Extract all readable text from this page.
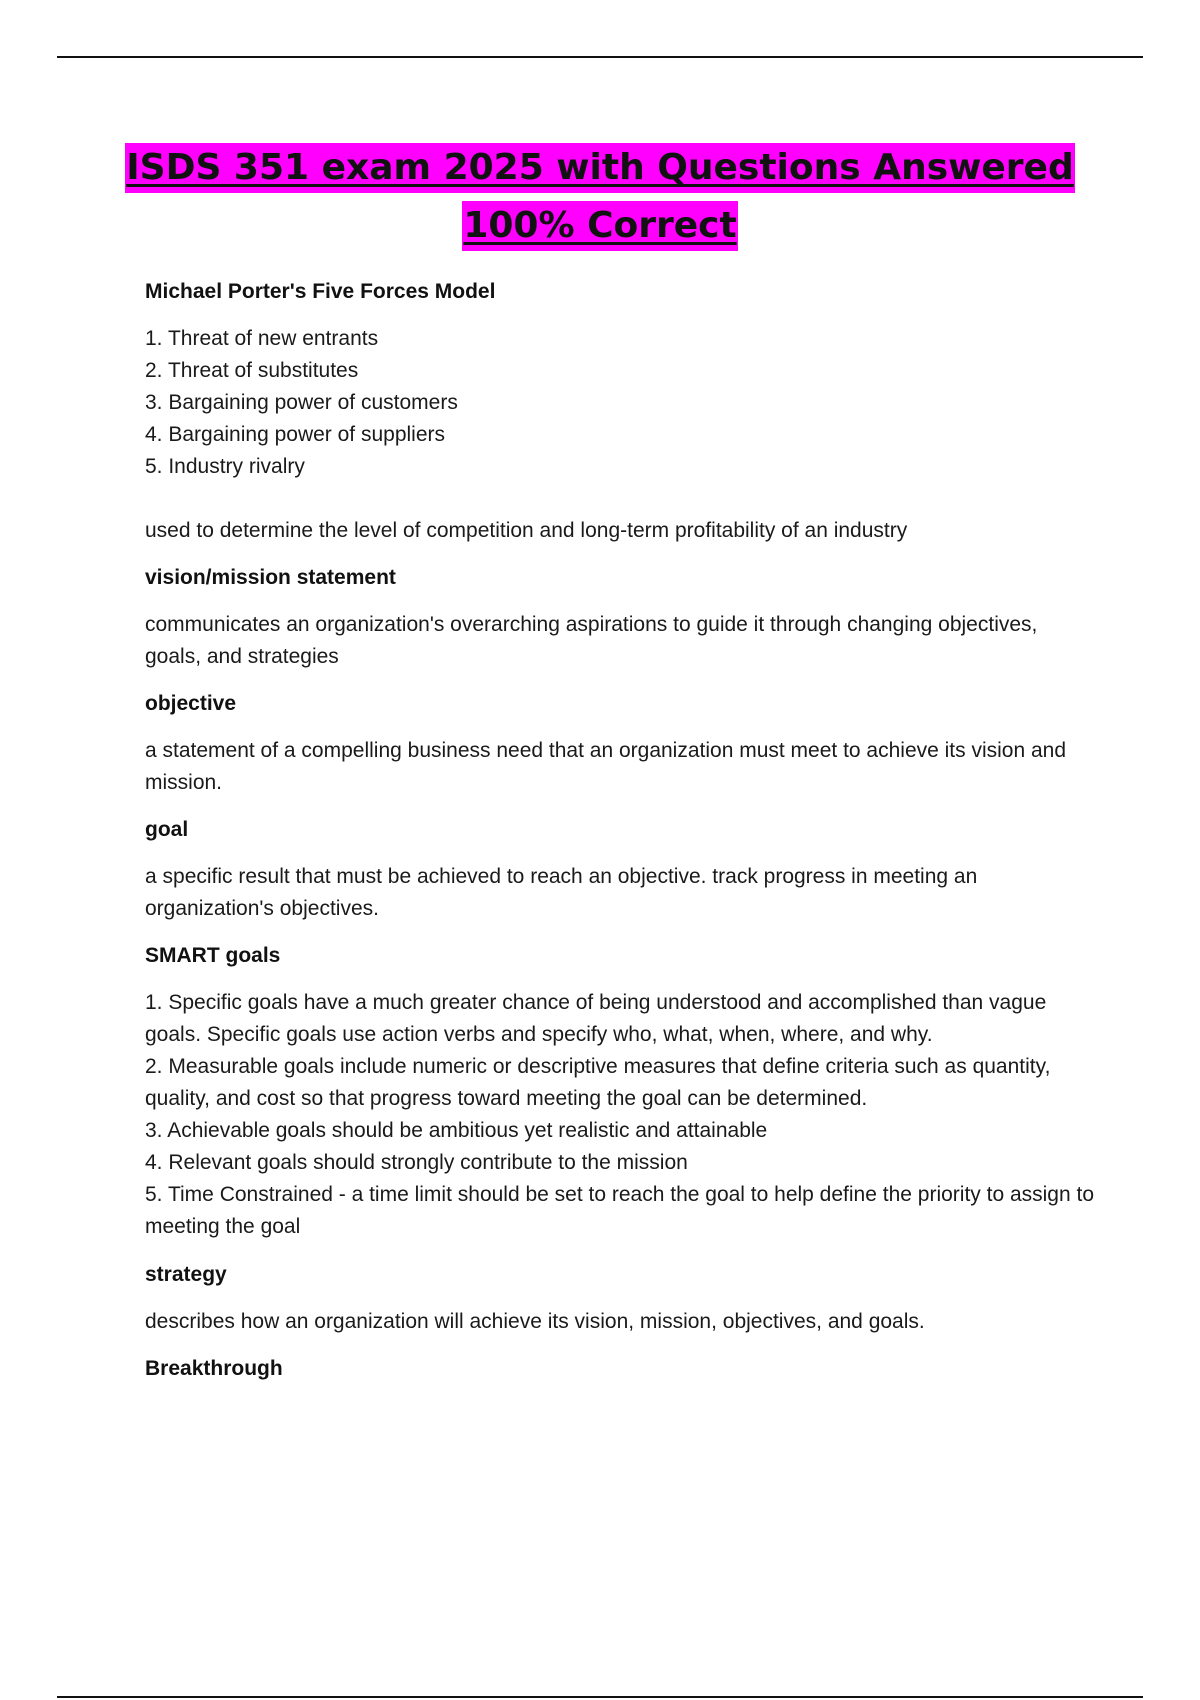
ISDS 351 exam 2025 with Questions Answered
100% Correct
Michael Porter's Five Forces Model
1. Threat of new entrants
2. Threat of substitutes
3. Bargaining power of customers
4. Bargaining power of suppliers
5. Industry rivalry
used to determine the level of competition and long-term profitability of an industry
vision/mission statement
communicates an organization's overarching aspirations to guide it through changing objectives, goals, and strategies
objective
a statement of a compelling business need that an organization must meet to achieve its vision and mission.
goal
a specific result that must be achieved to reach an objective. track progress in meeting an organization's objectives.
SMART goals
1. Specific goals have a much greater chance of being understood and accomplished than vague goals. Specific goals use action verbs and specify who, what, when, where, and why.
2. Measurable goals include numeric or descriptive measures that define criteria such as quantity, quality, and cost so that progress toward meeting the goal can be determined.
3. Achievable goals should be ambitious yet realistic and attainable
4. Relevant goals should strongly contribute to the mission
5. Time Constrained - a time limit should be set to reach the goal to help define the priority to assign to meeting the goal
strategy
describes how an organization will achieve its vision, mission, objectives, and goals.
Breakthrough
